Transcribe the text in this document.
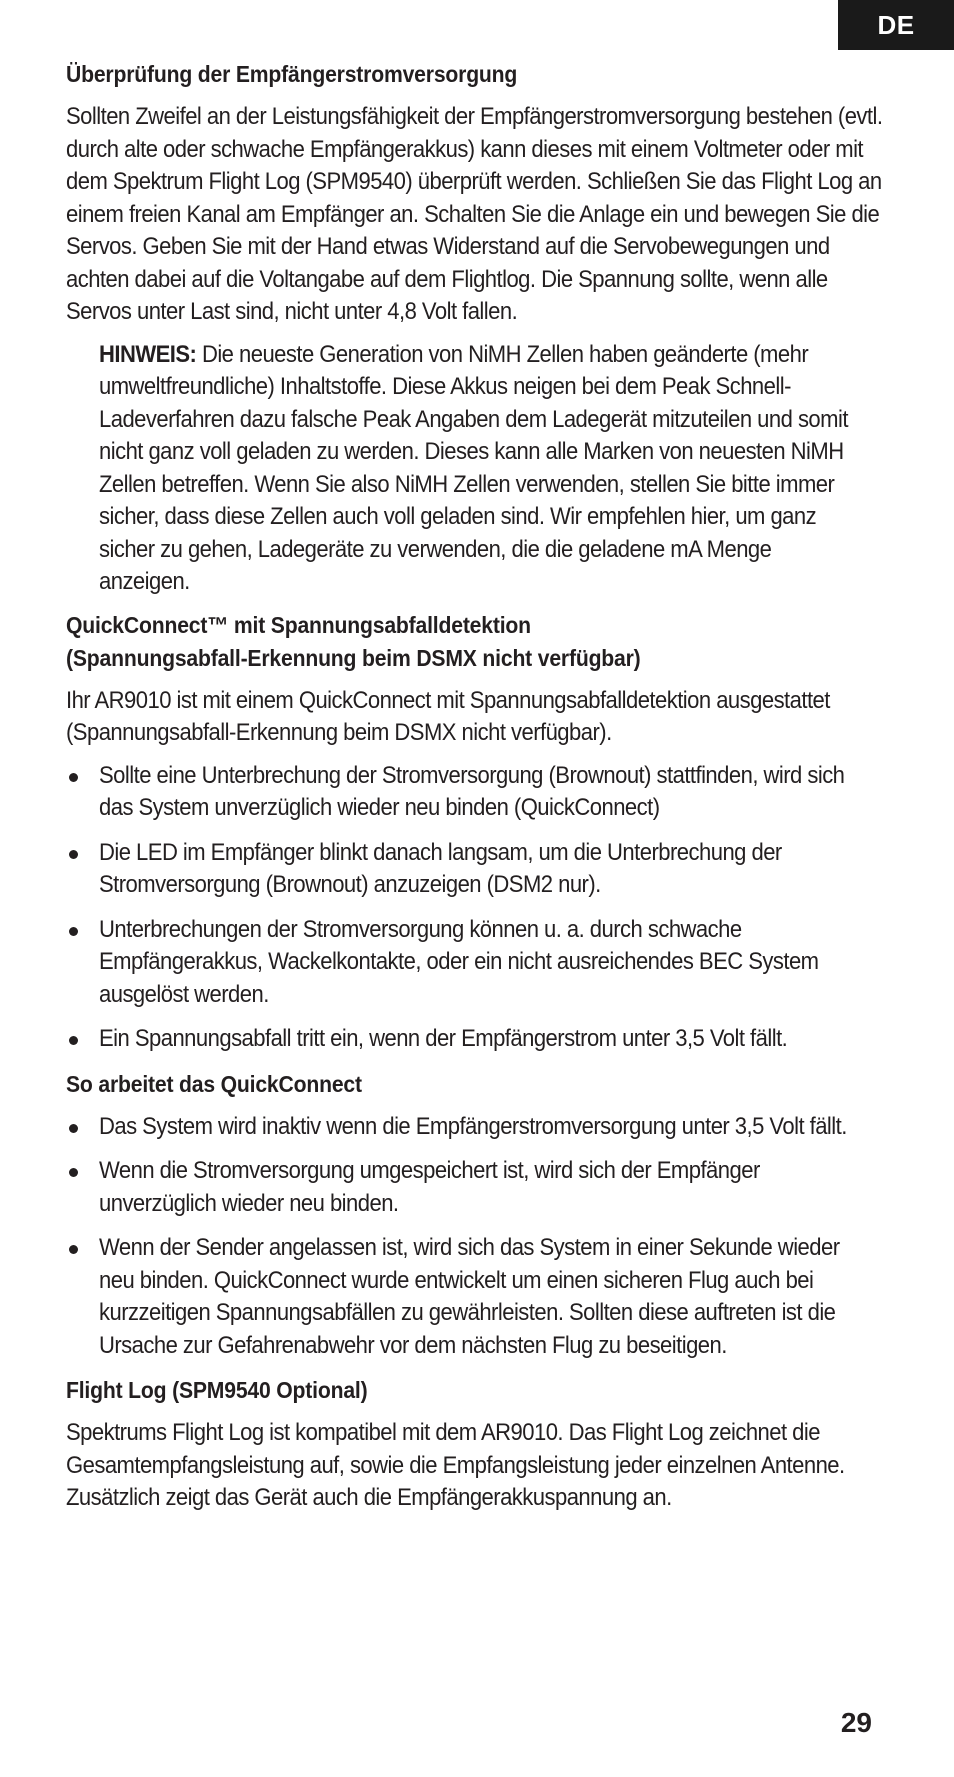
DE
Überprüfung der Empfängerstromversorgung

Sollten Zweifel an der Leistungsfähigkeit der Empfängerstromversorgung bestehen (evtl. durch alte oder schwache Empfängerakkus) kann dieses mit einem Voltmeter oder mit dem Spektrum Flight Log (SPM9540) überprüft werden. Schließen Sie das Flight Log an einem freien Kanal am Empfänger an. Schalten Sie die Anlage ein und bewegen Sie die Servos. Geben Sie mit der Hand etwas Widerstand auf die Servobewegungen und achten dabei auf die Voltangabe auf dem Flightlog. Die Spannung sollte, wenn alle Servos unter Last sind, nicht unter 4,8 Volt fallen.

HINWEIS: Die neueste Generation von NiMH Zellen haben geänderte (mehr umweltfreundliche) Inhaltstoffe. Diese Akkus neigen bei dem Peak Schnell-Ladeverfahren dazu falsche Peak Angaben dem Ladegerät mitzuteilen und somit nicht ganz voll geladen zu werden. Dieses kann alle Marken von neuesten NiMH Zellen betreffen. Wenn Sie also NiMH Zellen verwenden, stellen Sie bitte immer sicher, dass diese Zellen auch voll geladen sind. Wir empfehlen hier, um ganz sicher zu gehen, Ladegeräte zu verwenden, die die geladene mA Menge anzeigen.
QuickConnect™ mit Spannungsabfalldetektion
(Spannungsabfall-Erkennung beim DSMX nicht verfügbar)

Ihr AR9010 ist mit einem QuickConnect mit Spannungsabfalldetektion ausgestattet (Spannungsabfall-Erkennung beim DSMX nicht verfügbar).

Sollte eine Unterbrechung der Stromversorgung (Brownout) stattfinden, wird sich das System unverzüglich wieder neu binden (QuickConnect)
Die LED im Empfänger blinkt danach langsam, um die Unterbrechung der Stromversorgung (Brownout) anzuzeigen (DSM2 nur).
Unterbrechungen der Stromversorgung können u. a. durch schwache Empfängerakkus, Wackelkontakte, oder ein nicht ausreichendes BEC System ausgelöst werden.
Ein Spannungsabfall tritt ein, wenn der Empfängerstrom unter 3,5 Volt fällt.
So arbeitet das QuickConnect
Das System wird inaktiv wenn die Empfängerstromversorgung unter 3,5 Volt fällt.
Wenn die Stromversorgung umgespeichert ist, wird sich der Empfänger unverzüglich wieder neu binden.
Wenn der Sender angelassen ist, wird sich das System in einer Sekunde wieder neu binden. QuickConnect wurde entwickelt um einen sicheren Flug auch bei kurzzeitigen Spannungsabfällen zu gewährleisten. Sollten diese auftreten ist die Ursache zur Gefahrenabwehr vor dem nächsten Flug zu beseitigen.
Flight Log (SPM9540 Optional)

Spektrums Flight Log ist kompatibel mit dem AR9010. Das Flight Log zeichnet die Gesamtempfangsleistung auf, sowie die Empfangsleistung jeder einzelnen Antenne. Zusätzlich zeigt das Gerät auch die Empfängerakkuspannung an.

29
